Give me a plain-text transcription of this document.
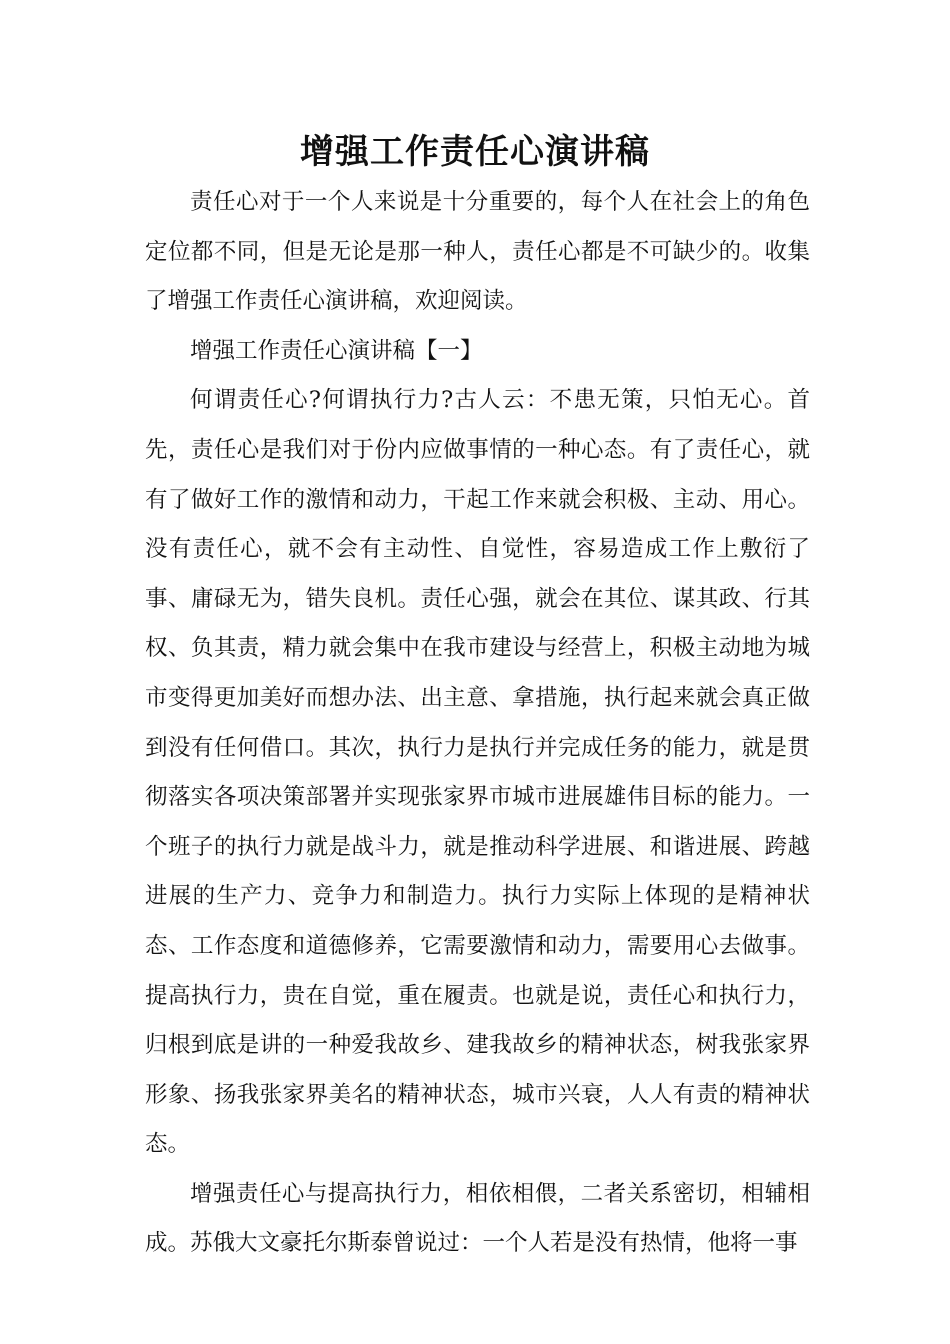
增强工作责任心演讲稿

责任心对于一个人来说是十分重要的，每个人在社会上的角色定位都不同，但是无论是那一种人，责任心都是不可缺少的。收集了增强工作责任心演讲稿，欢迎阅读。

增强工作责任心演讲稿【一】

何谓责任心?何谓执行力?古人云：不患无策，只怕无心。首先，责任心是我们对于份内应做事情的一种心态。有了责任心，就有了做好工作的激情和动力，干起工作来就会积极、主动、用心。没有责任心，就不会有主动性、自觉性，容易造成工作上敷衍了事、庸碌无为，错失良机。责任心强，就会在其位、谋其政、行其权、负其责，精力就会集中在我市建设与经营上，积极主动地为城市变得更加美好而想办法、出主意、拿措施，执行起来就会真正做到没有任何借口。其次，执行力是执行并完成任务的能力，就是贯彻落实各项决策部署并实现张家界市城市进展雄伟目标的能力。一个班子的执行力就是战斗力，就是推动科学进展、和谐进展、跨越进展的生产力、竞争力和制造力。执行力实际上体现的是精神状态、工作态度和道德修养，它需要激情和动力，需要用心去做事。提高执行力，贵在自觉，重在履责。也就是说，责任心和执行力，归根到底是讲的一种爱我故乡、建我故乡的精神状态，树我张家界形象、扬我张家界美名的精神状态，城市兴衰，人人有责的精神状态。

增强责任心与提高执行力，相依相偎，二者关系密切，相辅相成。苏俄大文豪托尔斯泰曾说过：一个人若是没有热情，他将一事
